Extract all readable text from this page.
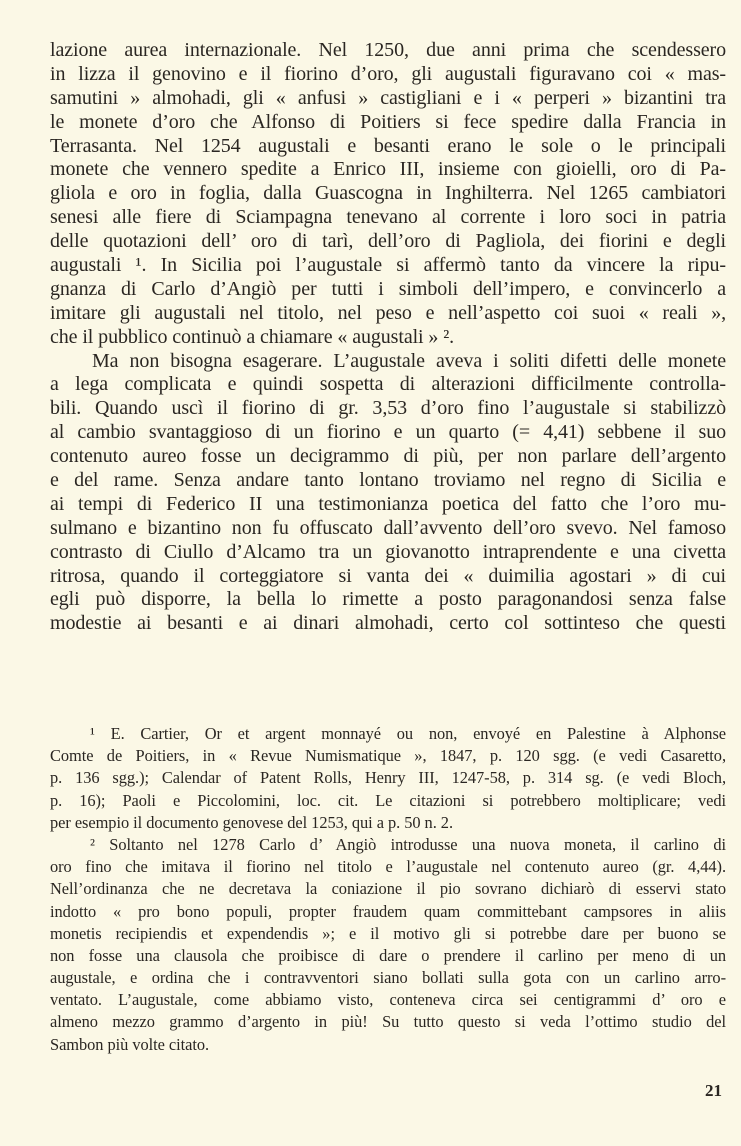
lazione aurea internazionale. Nel 1250, due anni prima che scendessero
in lizza il genovino e il fiorino d’oro, gli augustali figuravano coi « mas-
samutini » almohadi, gli « anfusi » castigliani e i « perperi » bizantini tra
le monete d’oro che Alfonso di Poitiers si fece spedire dalla Francia in
Terrasanta. Nel 1254 augustali e besanti erano le sole o le principali
monete che vennero spedite a Enrico III, insieme con gioielli, oro di Pa-
gliola e oro in foglia, dalla Guascogna in Inghilterra. Nel 1265 cambiatori
senesi alle fiere di Sciampagna tenevano al corrente i loro soci in patria
delle quotazioni dell’ oro di tarì, dell’oro di Pagliola, dei fiorini e degli
augustali ¹. In Sicilia poi l’augustale si affermò tanto da vincere la ripu-
gnanza di Carlo d’Angiò per tutti i simboli dell’impero, e convincerlo a
imitare gli augustali nel titolo, nel peso e nell’aspetto coi suoi « reali »,
che il pubblico continuò a chiamare « augustali » ².
Ma non bisogna esagerare. L’augustale aveva i soliti difetti delle monete
a lega complicata e quindi sospetta di alterazioni difficilmente controlla-
bili. Quando uscì il fiorino di gr. 3,53 d’oro fino l’augustale si stabilizzò
al cambio svantaggioso di un fiorino e un quarto (= 4,41) sebbene il suo
contenuto aureo fosse un decigrammo di più, per non parlare dell’argento
e del rame. Senza andare tanto lontano troviamo nel regno di Sicilia e
ai tempi di Federico II una testimonianza poetica del fatto che l’oro mu-
sulmano e bizantino non fu offuscato dall’avvento dell’oro svevo. Nel famoso
contrasto di Ciullo d’Alcamo tra un giovanotto intraprendente e una civetta
ritrosa, quando il corteggiatore si vanta dei « duimilia agostari » di cui
egli può disporre, la bella lo rimette a posto paragonandosi senza false
modestie ai besanti e ai dinari almohadi, certo col sottinteso che questi
¹ E. Cartier, Or et argent monnayé ou non, envoyé en Palestine à Alphonse
Comte de Poitiers, in « Revue Numismatique », 1847, p. 120 sgg. (e vedi Casaretto,
p. 136 sgg.); Calendar of Patent Rolls, Henry III, 1247-58, p. 314 sg. (e vedi Bloch,
p. 16); Paoli e Piccolomini, loc. cit. Le citazioni si potrebbero moltiplicare; vedi
per esempio il documento genovese del 1253, qui a p. 50 n. 2.
² Soltanto nel 1278 Carlo d’ Angiò introdusse una nuova moneta, il carlino di
oro fino che imitava il fiorino nel titolo e l’augustale nel contenuto aureo (gr. 4,44).
Nell’ordinanza che ne decretava la coniazione il pio sovrano dichiarò di esservi stato
indotto « pro bono populi, propter fraudem quam committebant campsores in aliis
monetis recipiendis et expendendis »; e il motivo gli si potrebbe dare per buono se
non fosse una clausola che proibisce di dare o prendere il carlino per meno di un
augustale, e ordina che i contravventori siano bollati sulla gota con un carlino arro-
ventato. L’augustale, come abbiamo visto, conteneva circa sei centigrammi d’ oro e
almeno mezzo grammo d’argento in più! Su tutto questo si veda l’ottimo studio del
Sambon più volte citato.
21
